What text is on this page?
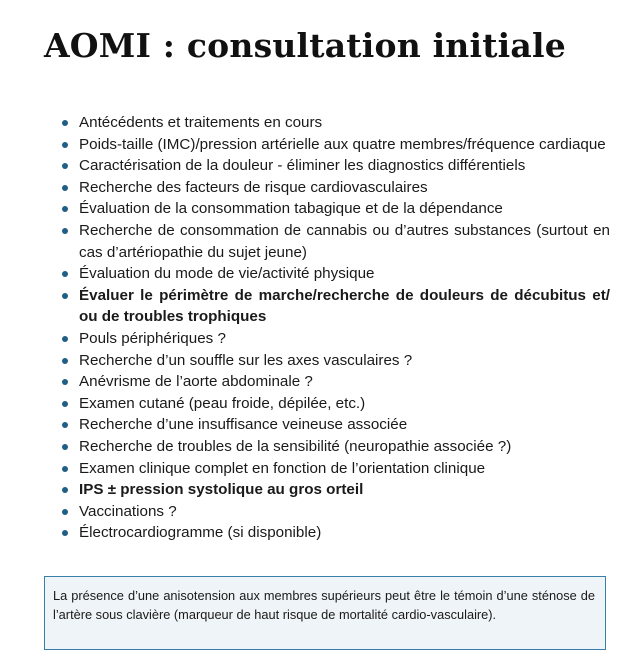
AOMI : consultation initiale
Antécédents et traitements en cours
Poids-taille (IMC)/pression artérielle aux quatre membres/fréquence cardiaque
Caractérisation de la douleur - éliminer les diagnostics différentiels
Recherche des facteurs de risque cardiovasculaires
Évaluation de la consommation tabagique et de la dépendance
Recherche de consommation de cannabis ou d’autres substances (surtout en cas d’artériopathie du sujet jeune)
Évaluation du mode de vie/activité physique
Évaluer le périmètre de marche/recherche de douleurs de décubitus et/ ou de troubles trophiques
Pouls périphériques ?
Recherche d’un souffle sur les axes vasculaires ?
Anévrisme de l’aorte abdominale ?
Examen cutané (peau froide, dépilée, etc.)
Recherche d’une insuffisance veineuse associée
Recherche de troubles de la sensibilité (neuropathie associée ?)
Examen clinique complet en fonction de l’orientation clinique
IPS ± pression systolique au gros orteil
Vaccinations ?
Électrocardiogramme (si disponible)
La présence d’une anisotension aux membres supérieurs peut être le témoin d’une sténose de l’artère sous clavière (marqueur de haut risque de mortalité cardio-vasculaire).
